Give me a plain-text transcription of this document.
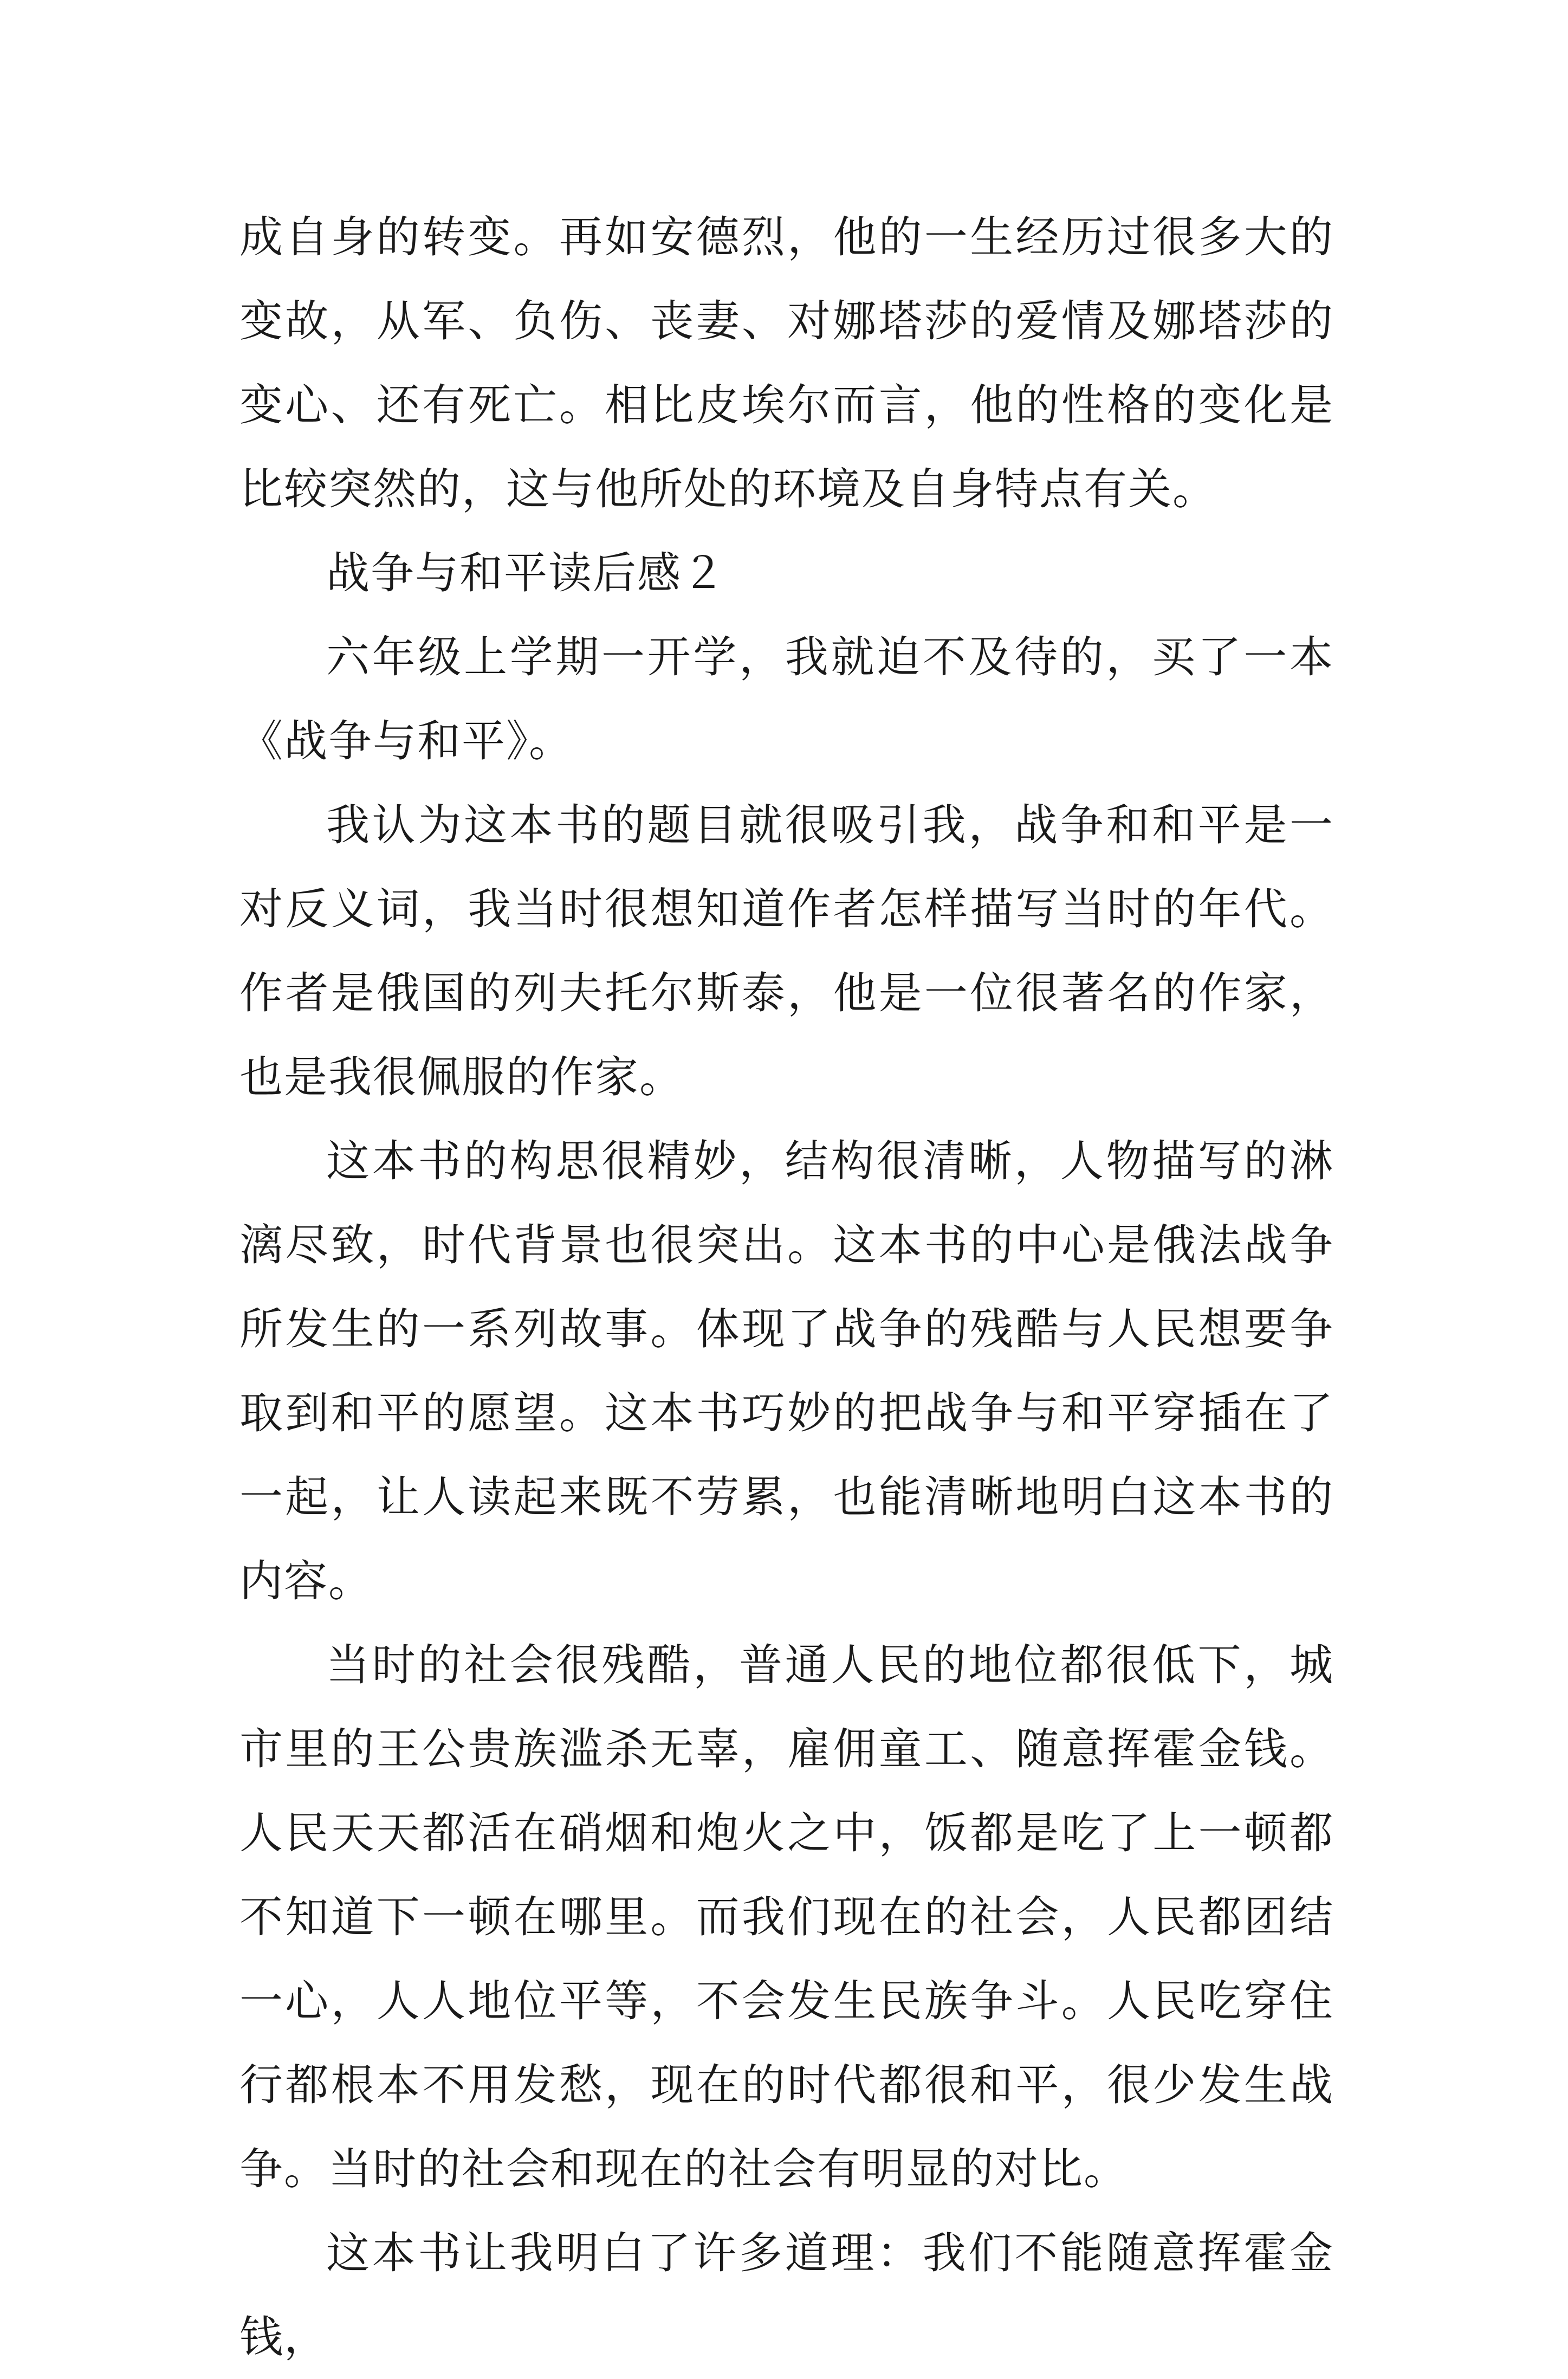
成自身的转变。再如安德烈，他的一生经历过很多大的变故，从军、负伤、丧妻、对娜塔莎的爱情及娜塔莎的变心、还有死亡。相比皮埃尔而言，他的性格的变化是比较突然的，这与他所处的环境及自身特点有关。

战争与和平读后感２

六年级上学期一开学，我就迫不及待的，买了一本《战争与和平》。

我认为这本书的题目就很吸引我，战争和和平是一对反义词，我当时很想知道作者怎样描写当时的年代。作者是俄国的列夫托尔斯泰，他是一位很著名的作家，也是我很佩服的作家。

这本书的构思很精妙，结构很清晰，人物描写的淋漓尽致，时代背景也很突出。这本书的中心是俄法战争所发生的一系列故事。体现了战争的残酷与人民想要争取到和平的愿望。这本书巧妙的把战争与和平穿插在了一起，让人读起来既不劳累，也能清晰地明白这本书的内容。

当时的社会很残酷，普通人民的地位都很低下，城市里的王公贵族滥杀无辜，雇佣童工、随意挥霍金钱。人民天天都活在硝烟和炮火之中，饭都是吃了上一顿都不知道下一顿在哪里。而我们现在的社会，人民都团结一心，人人地位平等，不会发生民族争斗。人民吃穿住行都根本不用发愁，现在的时代都很和平，很少发生战争。当时的社会和现在的社会有明显的对比。

这本书让我明白了许多道理：我们不能随意挥霍金钱，
